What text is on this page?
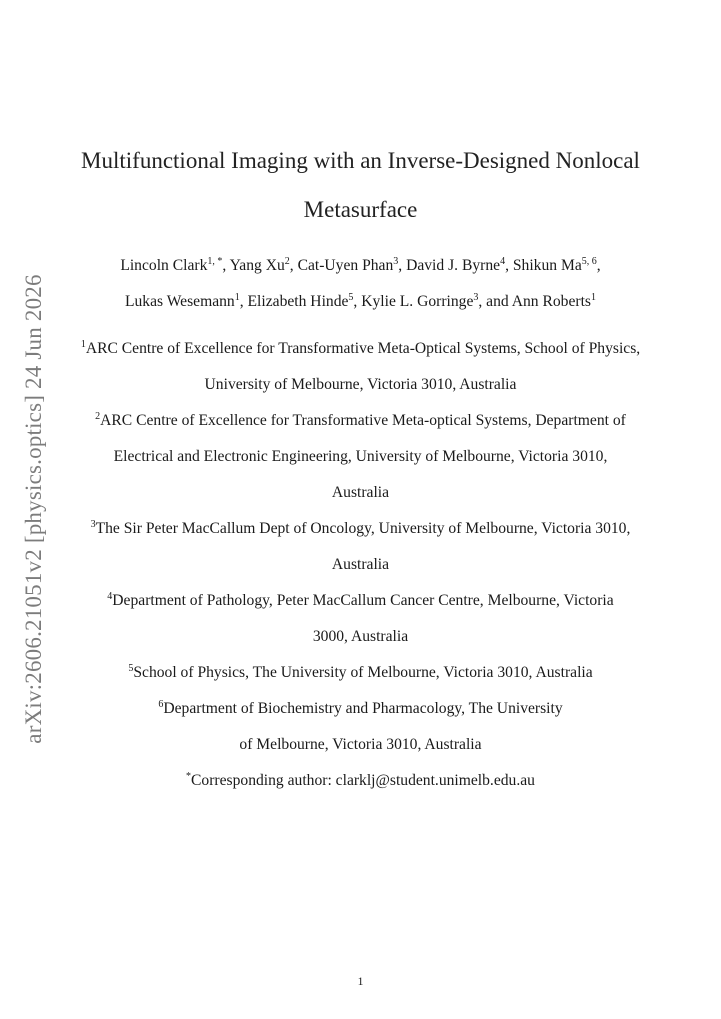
arXiv:2606.21051v2 [physics.optics] 24 Jun 2026
Multifunctional Imaging with an Inverse-Designed Nonlocal Metasurface
Lincoln Clark$^{1, *}$, Yang Xu$^2$, Cat-Uyen Phan$^3$, David J. Byrne$^4$, Shikun Ma$^{5, 6}$,
Lukas Wesemann$^1$, Elizabeth Hinde$^5$, Kylie L. Gorringe$^3$, and Ann Roberts$^1$

$^1$ARC Centre of Excellence for Transformative Meta-Optical Systems, School of Physics, University of Melbourne, Victoria 3010, Australia

$^2$ARC Centre of Excellence for Transformative Meta-optical Systems, Department of Electrical and Electronic Engineering, University of Melbourne, Victoria 3010, Australia

$^3$The Sir Peter MacCallum Dept of Oncology, University of Melbourne, Victoria 3010, Australia

$^4$Department of Pathology, Peter MacCallum Cancer Centre, Melbourne, Victoria 3000, Australia

$^5$School of Physics, The University of Melbourne, Victoria 3010, Australia

$^6$Department of Biochemistry and Pharmacology, The University of Melbourne, Victoria 3010, Australia

*Corresponding author: clarklj@student.unimelb.edu.au

1
